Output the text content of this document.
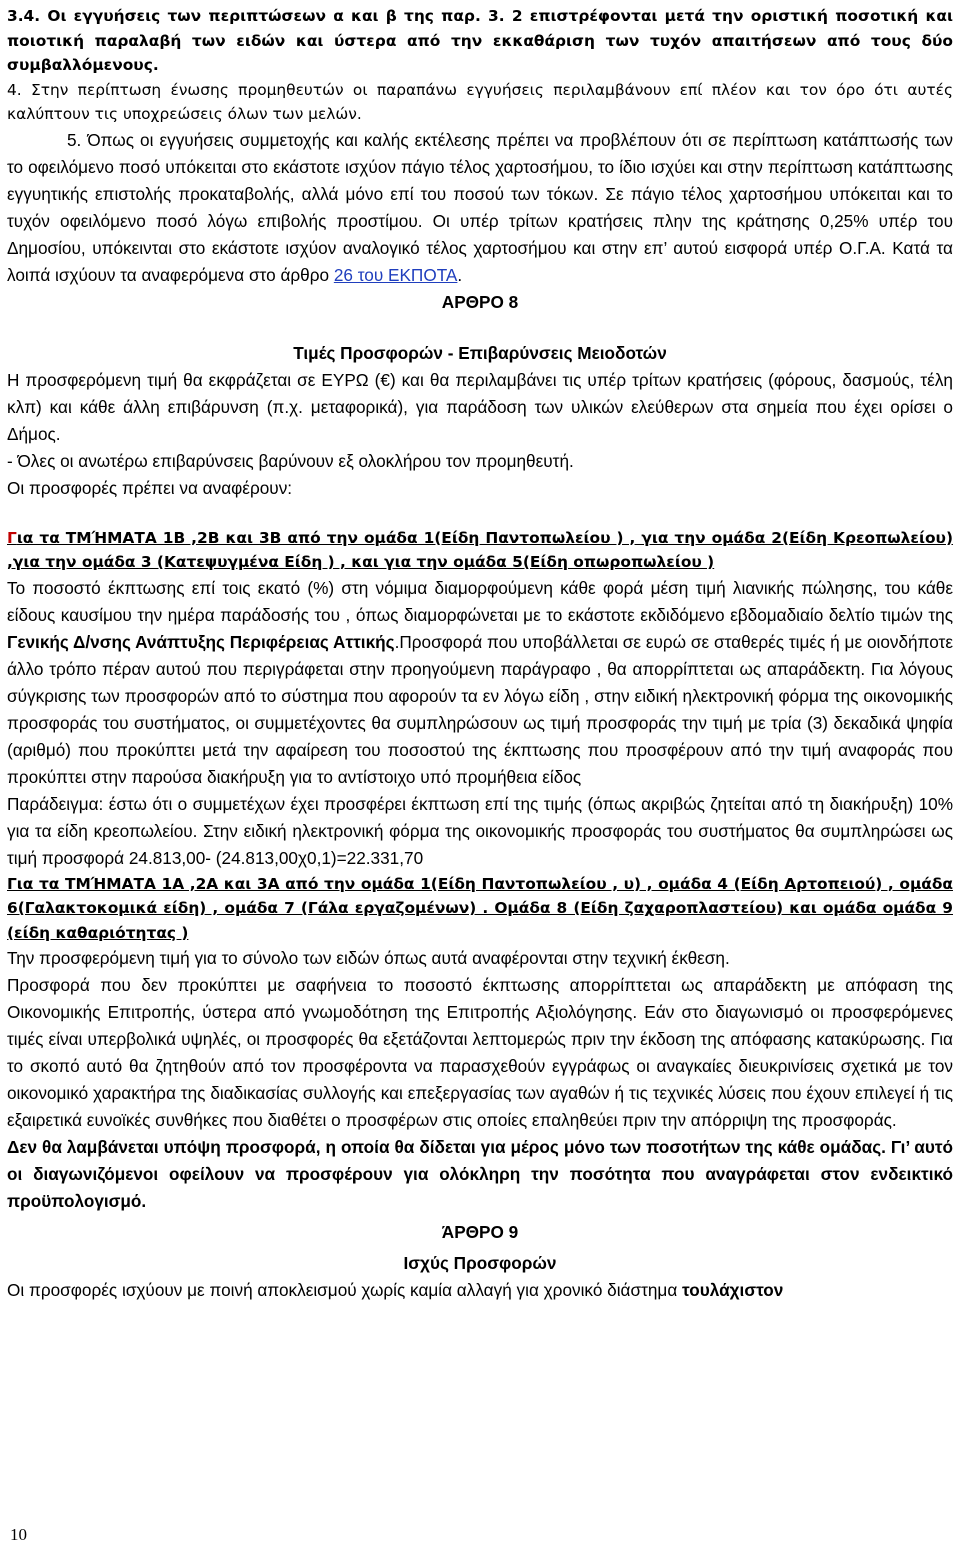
3.4. Οι εγγυήσεις των περιπτώσεων α και β της παρ. 3. 2 επιστρέφονται μετά την οριστική ποσοτική και ποιοτική παραλαβή των ειδών και ύστερα από την εκκαθάριση των τυχόν απαιτήσεων από τους δύο συμβαλλόμενους.

4. Στην περίπτωση ένωσης προμηθευτών οι παραπάνω εγγυήσεις περιλαμβάνουν επί πλέον και τον όρο ότι αυτές καλύπτουν τις υποχρεώσεις όλων των μελών.

5. Όπως οι εγγυήσεις συμμετοχής και καλής εκτέλεσης πρέπει να προβλέπουν ότι σε περίπτωση κατάπτωσής των το οφειλόμενο ποσό υπόκειται στο εκάστοτε ισχύον πάγιο τέλος χαρτοσήμου, το ίδιο ισχύει και στην περίπτωση κατάπτωσης εγγυητικής επιστολής προκαταβολής, αλλά μόνο επί του ποσού των τόκων. Σε πάγιο τέλος χαρτοσήμου υπόκειται και το τυχόν οφειλόμενο ποσό λόγω επιβολής προστίμου. Οι υπέρ τρίτων κρατήσεις πλην της κράτησης 0,25% υπέρ του Δημοσίου, υπόκεινται στο εκάστοτε ισχύον αναλογικό τέλος χαρτοσήμου και στην επ’ αυτού εισφορά υπέρ Ο.Γ.Α. Κατά τα λοιπά ισχύουν τα αναφερόμενα στο άρθρο 26 του ΕΚΠΟΤΑ.

ΑΡΘΡΟ 8

Τιμές Προσφορών - Επιβαρύνσεις Μειοδοτών

Η προσφερόμενη τιμή θα εκφράζεται σε ΕΥΡΩ (€) και θα περιλαμβάνει τις υπέρ τρίτων κρατήσεις (φόρους, δασμούς, τέλη κλπ) και κάθε άλλη επιβάρυνση (π.χ. μεταφορικά), για παράδοση των υλικών ελεύθερων στα σημεία που έχει ορίσει ο Δήμος.

- Όλες οι ανωτέρω επιβαρύνσεις βαρύνουν εξ ολοκλήρου τον προμηθευτή.

Οι προσφορές πρέπει να αναφέρουν:

Για τα ΤΜΉΜΑΤΑ 1Β ,2Β και 3Β από την ομάδα 1(Είδη Παντοπωλείου ) , για την ομάδα 2(Είδη Κρεοπωλείου) ,για την ομάδα 3 (Κατεψυγμένα Είδη ) , και για την ομάδα 5(Είδη οπωροπωλείου )

Το ποσοστό έκπτωσης επί τοις εκατό (%) στη νόμιμα διαμορφούμενη κάθε φορά μέση τιμή λιανικής πώλησης, του κάθε είδους καυσίμου την ημέρα παράδοσής του , όπως διαμορφώνεται με το εκάστοτε εκδιδόμενο εβδομαδιαίο δελτίο τιμών της Γενικής Δ/νσης Ανάπτυξης Περιφέρειας Αττικής.Προσφορά που υποβάλλεται σε ευρώ σε σταθερές τιμές ή με οιονδήποτε άλλο τρόπο πέραν αυτού που περιγράφεται στην προηγούμενη παράγραφο , θα απορρίπτεται ως απαράδεκτη. Για λόγους σύγκρισης των προσφορών από το σύστημα που αφορούν τα εν λόγω είδη , στην ειδική ηλεκτρονική φόρμα της οικονομικής προσφοράς του συστήματος, οι συμμετέχοντες θα συμπληρώσουν ως τιμή προσφοράς την τιμή με τρία (3) δεκαδικά ψηφία (αριθμό) που προκύπτει μετά την αφαίρεση του ποσοστού της έκπτωσης που προσφέρουν από την τιμή αναφοράς που προκύπτει στην παρούσα διακήρυξη για το αντίστοιχο υπό προμήθεια είδος

Παράδειγμα: έστω ότι ο συμμετέχων έχει προσφέρει έκπτωση επί της τιμής (όπως ακριβώς ζητείται από τη διακήρυξη) 10% για τα είδη κρεοπωλείου. Στην ειδική ηλεκτρονική φόρμα της οικονομικής προσφοράς του συστήματος θα συμπληρώσει ως τιμή προσφορά 24.813,00- (24.813,00χ0,1)=22.331,70

Για τα ΤΜΉΜΑΤΑ 1Α ,2Α και 3Α από την ομάδα 1(Είδη Παντοπωλείου , υ) , ομάδα 4 (Είδη Αρτοπειού) , ομάδα 6(Γαλακτοκομικά είδη) , ομάδα 7 (Γάλα εργαζομένων) . Ομάδα 8 (Είδη ζαχαροπλαστείου) και ομάδα ομάδα 9 (είδη καθαριότητας )

Την προσφερόμενη τιμή για το σύνολο των ειδών όπως αυτά αναφέρονται στην τεχνική έκθεση.

Προσφορά που δεν προκύπτει με σαφήνεια το ποσοστό έκπτωσης απορρίπτεται ως απαράδεκτη με απόφαση της Οικονομικής Επιτροπής, ύστερα από γνωμοδότηση της Επιτροπής Αξιολόγησης. Εάν στο διαγωνισμό οι προσφερόμενες τιμές είναι υπερβολικά υψηλές, οι προσφορές θα εξετάζονται λεπτομερώς πριν την έκδοση της απόφασης κατακύρωσης. Για το σκοπό αυτό θα ζητηθούν από τον προσφέροντα να παρασχεθούν εγγράφως οι αναγκαίες διευκρινίσεις σχετικά με τον οικονομικό χαρακτήρα της διαδικασίας συλλογής και επεξεργασίας των αγαθών ή τις τεχνικές λύσεις που έχουν επιλεγεί ή τις εξαιρετικά ευνοϊκές συνθήκες που διαθέτει ο προσφέρων στις οποίες επαληθεύει πριν την απόρριψη της προσφοράς.

Δεν θα λαμβάνεται υπόψη προσφορά, η οποία θα δίδεται για μέρος μόνο των ποσοτήτων της κάθε ομάδας. Γι’ αυτό οι διαγωνιζόμενοι οφείλουν να προσφέρουν για ολόκληρη την ποσότητα που αναγράφεται στον ενδεικτικό προϋπολογισμό.

ΆΡΘΡΟ 9

Ισχύς Προσφορών

Οι προσφορές ισχύουν με ποινή αποκλεισμού χωρίς καμία αλλαγή για χρονικό διάστημα τουλάχιστον

10
